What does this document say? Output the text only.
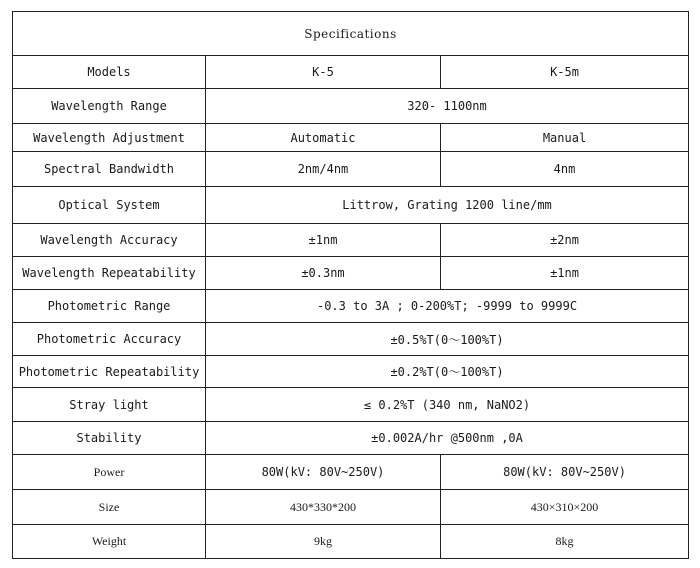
Specifications		
Models	K-5	K-5m
Wavelength Range	320- 1100nm	
Wavelength Adjustment	Automatic	Manual
Spectral Bandwidth	2nm/4nm	4nm
Optical System	Littrow, Grating 1200 line/mm	
Wavelength Accuracy	±1nm	±2nm
Wavelength Repeatability	±0.3nm	±1nm
Photometric Range	-0.3 to 3A ; 0-200%T; -9999 to 9999C	
Photometric Accuracy	±0.5%T(0～100%T)	
Photometric Repeatability	±0.2%T(0～100%T)	
Stray light	≤ 0.2%T (340 nm, NaNO2)	
Stability	±0.002A/hr @500nm ,0A	
Power	80W(kV: 80V~250V)	80W(kV: 80V~250V)
Size	430*330*200	430×310×200
Weight	9kg	8kg
